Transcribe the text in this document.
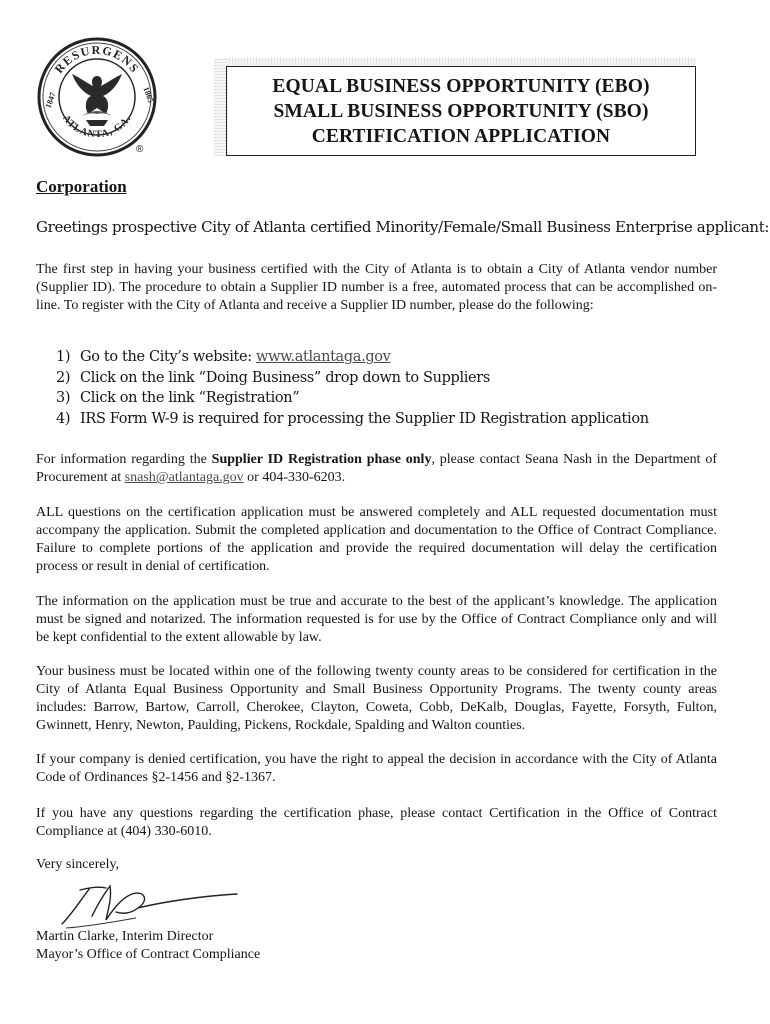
RESURGENS
ATLANTA, GA.
1847	1865
®
EQUAL BUSINESS OPPORTUNITY (EBO)
SMALL BUSINESS OPPORTUNITY (SBO)
CERTIFICATION APPLICATION
Corporation
Greetings prospective City of Atlanta certified Minority/Female/Small Business Enterprise applicant:
The first step in having your business certified with the City of Atlanta is to obtain a City of Atlanta vendor number (Supplier ID). The procedure to obtain a Supplier ID number is a free, automated process that can be accomplished on-line. To register with the City of Atlanta and receive a Supplier ID number, please do the following:
1) Go to the City’s website: www.atlantaga.gov
2) Click on the link “Doing Business” drop down to Suppliers
3) Click on the link “Registration”
4) IRS Form W-9 is required for processing the Supplier ID Registration application
For information regarding the Supplier ID Registration phase only, please contact Seana Nash in the Department of Procurement at snash@atlantaga.gov or 404-330-6203.
ALL questions on the certification application must be answered completely and ALL requested documentation must accompany the application. Submit the completed application and documentation to the Office of Contract Compliance. Failure to complete portions of the application and provide the required documentation will delay the certification process or result in denial of certification.
The information on the application must be true and accurate to the best of the applicant’s knowledge. The application must be signed and notarized. The information requested is for use by the Office of Contract Compliance only and will be kept confidential to the extent allowable by law.
Your business must be located within one of the following twenty county areas to be considered for certification in the City of Atlanta Equal Business Opportunity and Small Business Opportunity Programs. The twenty county areas includes: Barrow, Bartow, Carroll, Cherokee, Clayton, Coweta, Cobb, DeKalb, Douglas, Fayette, Forsyth, Fulton, Gwinnett, Henry, Newton, Paulding, Pickens, Rockdale, Spalding and Walton counties.
If your company is denied certification, you have the right to appeal the decision in accordance with the City of Atlanta Code of Ordinances §2-1456 and §2-1367.
If you have any questions regarding the certification phase, please contact Certification in the Office of Contract Compliance at (404) 330-6010.
Very sincerely,
Martin Clarke, Interim Director
Mayor’s Office of Contract Compliance
